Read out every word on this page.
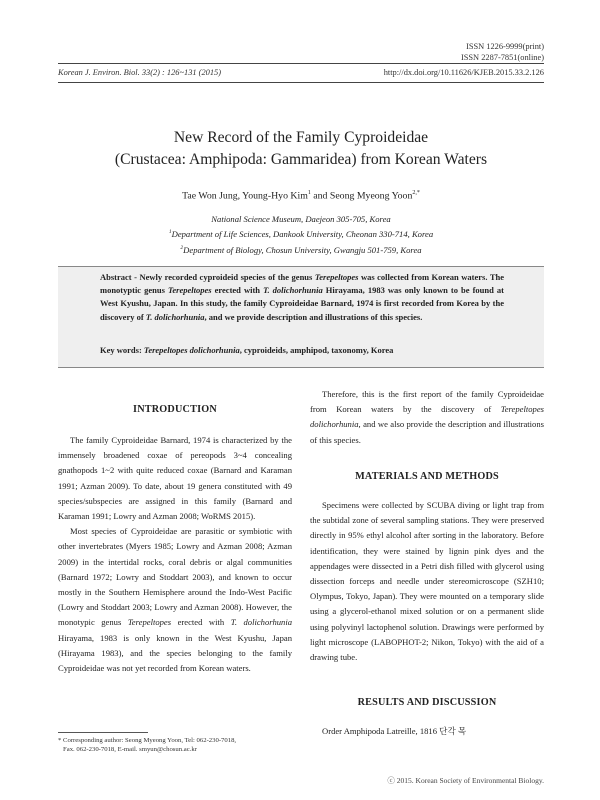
ISSN 1226-9999(print)
ISSN 2287-7851(online)
Korean J. Environ. Biol. 33(2) : 126~131 (2015)	http://dx.doi.org/10.11626/KJEB.2015.33.2.126
New Record of the Family Cyproideidae
(Crustacea: Amphipoda: Gammaridea) from Korean Waters
Tae Won Jung, Young-Hyo Kim$^1$ and Seong Myeong Yoon$^{2,*}$
National Science Museum, Daejeon 305-705, Korea
$^1$Department of Life Sciences, Dankook University, Cheonan 330-714, Korea
$^2$Department of Biology, Chosun University, Gwangju 501-759, Korea
Abstract - Newly recorded cyproideid species of the genus Terepeltopes was collected from Korean waters. The monotyptic genus Terepeltopes erected with T. dolichorhunia Hirayama, 1983 was only known to be found at West Kyushu, Japan. In this study, the family Cyproideidae Barnard, 1974 is first recorded from Korea by the discovery of T. dolichorhunia, and we provide description and illustrations of this species.
Key words: Terepeltopes dolichorhunia, cyproideids, amphipod, taxonomy, Korea
INTRODUCTION

The family Cyproideidae Barnard, 1974 is characterized by the immensely broadened coxae of pereopods 3~4 concealing gnathopods 1~2 with quite reduced coxae (Barnard and Karaman 1991; Azman 2009). To date, about 19 genera constituted with 49 species/subspecies are assigned in this family (Barnard and Karaman 1991; Lowry and Azman 2008; WoRMS 2015).

Most species of Cyproideidae are parasitic or symbiotic with other invertebrates (Myers 1985; Lowry and Azman 2008; Azman 2009) in the intertidal rocks, coral debris or algal communities (Barnard 1972; Lowry and Stoddart 2003), and known to occur mostly in the Southern Hemisphere around the Indo-West Pacific (Lowry and Stoddart 2003; Lowry and Azman 2008). However, the monotypic genus Terepeltopes erected with T. dolichorhunia Hirayama, 1983 is only known in the West Kyushu, Japan (Hirayama 1983), and the species belonging to the family Cyproideidae was not yet recorded from Korean waters.

Therefore, this is the first report of the family Cyproideidae from Korean waters by the discovery of Terepeltopes dolichorhunia, and we also provide the description and illustrations of this species.

MATERIALS AND METHODS

Specimens were collected by SCUBA diving or light trap from the subtidal zone of several sampling stations. They were preserved directly in 95% ethyl alcohol after sorting in the laboratory. Before identification, they were stained by lignin pink dyes and the appendages were dissected in a Petri dish filled with glycerol using dissection forceps and needle under stereomicroscope (SZH10; Olympus, Tokyo, Japan). They were mounted on a temporary slide using a glycerol-ethanol mixed solution or on a permanent slide using polyvinyl lactophenol solution. Drawings were performed by light microscope (LABOPHOT-2; Nikon, Tokyo) with the aid of a drawing tube.

RESULTS AND DISCUSSION
Order Amphipoda Latreille, 1816 단각 목
* Corresponding author: Seong Myeong Yoon, Tel: 062-230-7018,
Fax. 062-230-7018, E-mail. smyun@chosun.ac.kr
ⓒ 2015. Korean Society of Environmental Biology.
